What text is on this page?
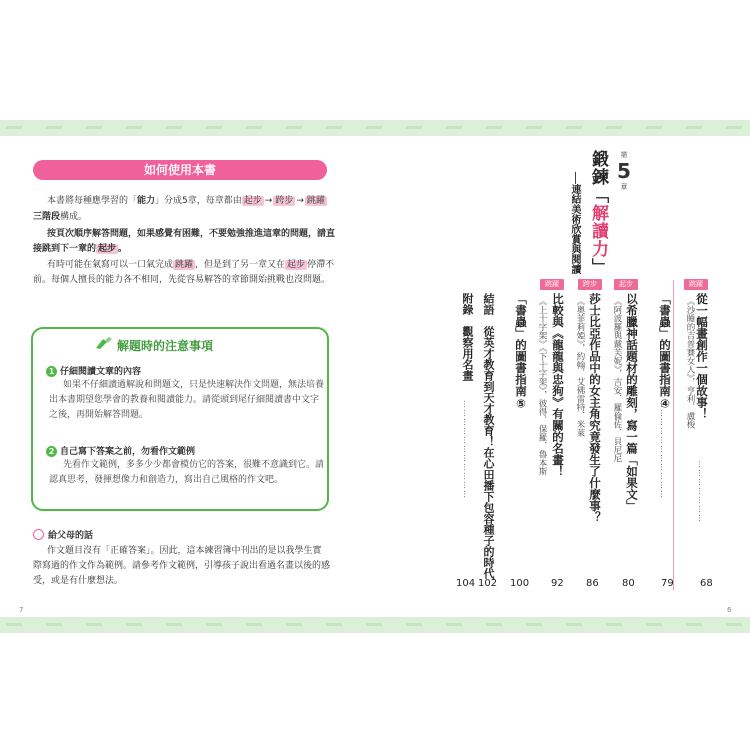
如何使用本書
本書將每種應學習的「能力」分成5章，每章都由 起步 → 跨步 → 跳躍
三階段構成。
按頁次順序解答問題，如果感覺有困難，不要勉強推進這章的問題，請直
接跳到下一章的 起步 。
有時可能在氣寫可以一口氣完成 跳躍 ，但是到了另一章又在 起步 停滯不
前。每個人擅長的能力各不相同，先從容易解答的章節開始挑戰也沒問題。
解題時的注意事項
1 仔細閱讀文章的內容
如果不仔細讀過解說和問題文，只是快速解決作文問題，無法培養
出本書期望您學會的教養和閱讀能力。請從頭到尾仔細閱讀書中文字
之後，再開始解答問題。
2 自己寫下答案之前，勿看作文範例
先看作文範例，多多少少都會模仿它的答案，很難不意識到它。請
認真思考，發揮想像力和創造力，寫出自己風格的作文吧。
給父母的話
作文題目沒有「正確答案」。因此，這本練習簿中刊出的是以我學生實
際寫過的作文作為範例。請參考作文範例，引導孩子說出看過名畫以後的感
受，或是有什麼想法。
7	6
第
5
章
鍛鍊「解讀力」
──連結美術欣賞與閱讀
跳躍
從一幅畫創作一個故事！
《沙睡的吉普賽女人》，亨利．盧梭
…………………
68
「書蟲」的圖書指南④
……………………………
79
起步
以希臘神話題材的雕刻，寫一篇「如果文」
《阿波羅與戴芙妮》，吉安．羅倫佐．貝尼尼
80
跨步
莎士比亞作品中的女主角究竟發生了什麼事？
《奧菲莉婭》，約翰．艾佛雷特．米萊
86
跳躍
比較與《龍龍與忠狗》有關的名畫！
《上十字架》《下十字架》，彼得．保羅．魯本斯
92
「書蟲」的圖書指南⑤
100
結語　從英才教育到天才教育！在心田播下包容種子的時代
102
附錄　觀察用名畫
……………………………
104
